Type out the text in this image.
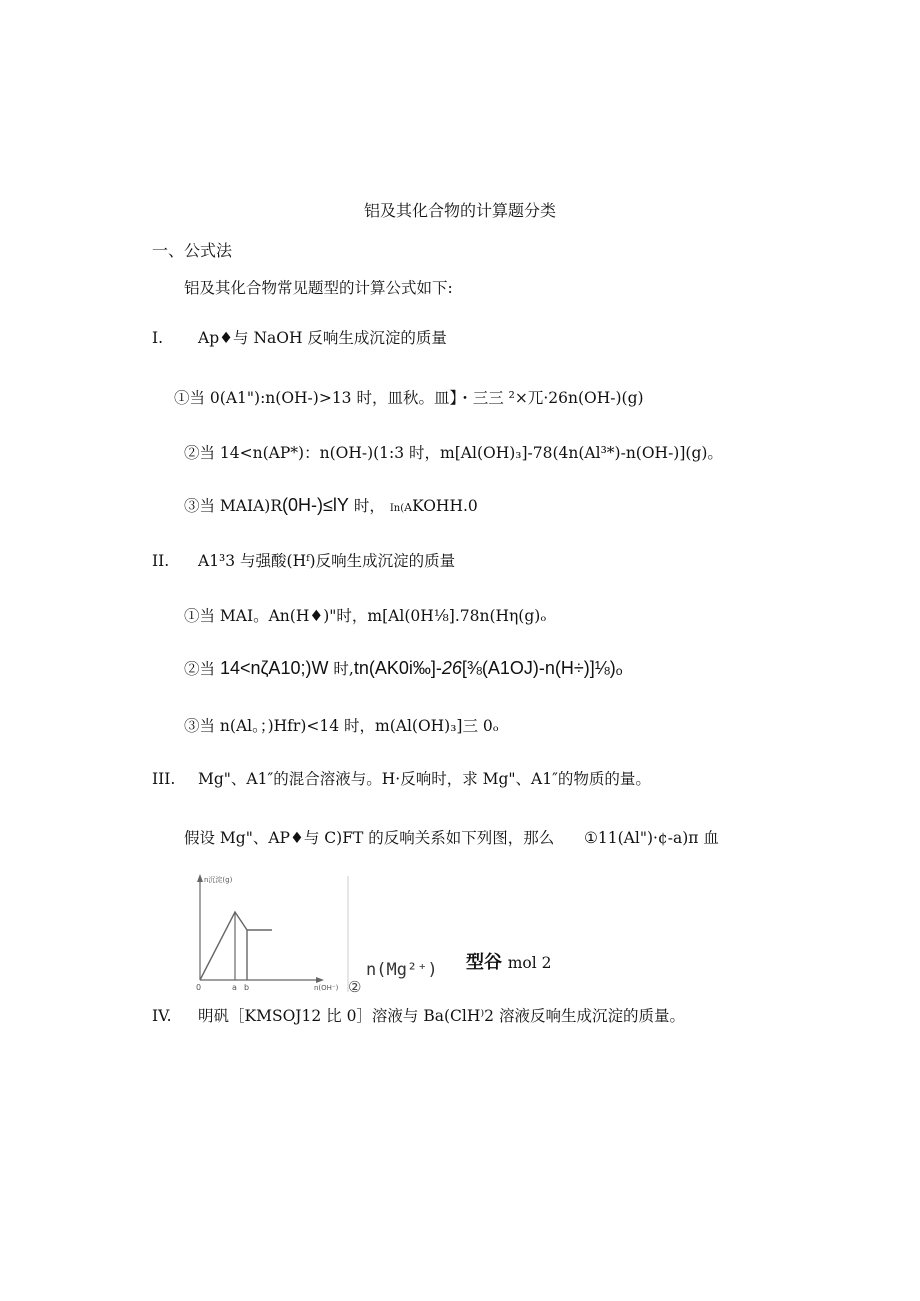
铝及其化合物的计算题分类
一、公式法
铝及其化合物常见题型的计算公式如下:
I. Ap♦与 NaOH 反响生成沉淀的质量
①当 0(A1"):n(OH-)>13 时，皿秋。皿】・三三 ²×兀·26n(OH-)(g)
②当 14<n(AP*)：n(OH-)(1:3 时，m[Al(OH)₃]-78(4n(Al³*)-n(OH-)](g)。
③当 MAIA)R(0H-)≤lY 时， In(AKOHH.0
II. A1³3 与强酸(Hᶠ)反响生成沉淀的质量
①当 MAI。An(H♦)"时，m[Al(0H⅛].78n(Hη(g)ₒ
②当 14<nζA10;)W 时,tn(AK0i‰]-26[⅜(A1OJ)-n(H÷)]⅛)ₒ
③当 n(Al。；)Hfr)<14 时，m(Al(OH)₃]三 0ₒ
III. Mg"、A1″的混合溶液与。H·反响时，求 Mg"、A1″的物质的量。
假设 Mg"、AP♦与 C)FT 的反响关系如下列图，那么 ①11(Al")·¢-a)π 血
n沉淀(g)
0	a b	n(OH⁻)
n(Mg²⁺)
②
型谷 mol 2
IV. 明矾［KMSOJ12 比 0］溶液与 Ba(ClH⁾2 溶液反响生成沉淀的质量。
